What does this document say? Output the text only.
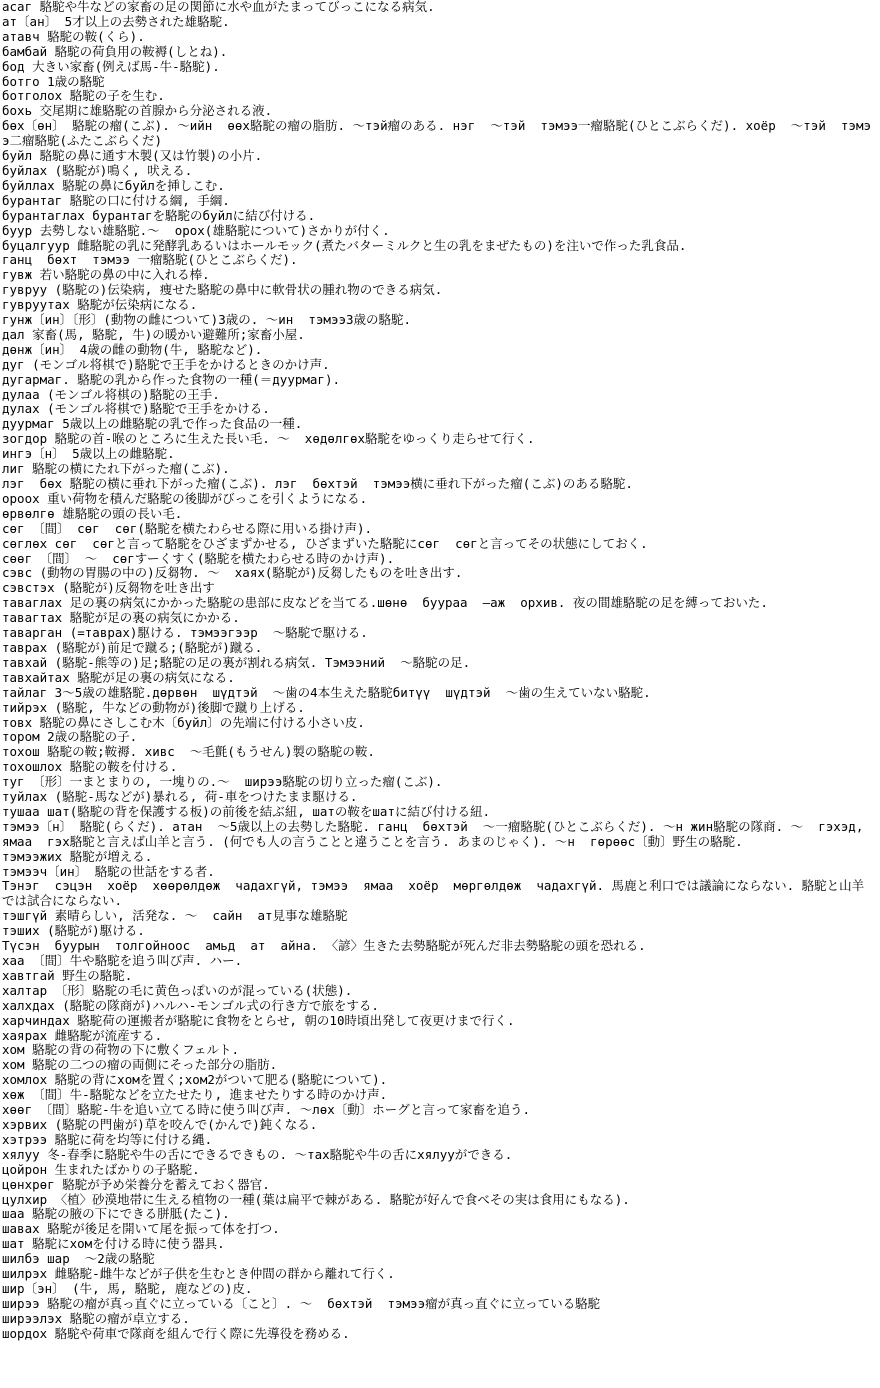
асаг 駱駝や牛などの家畜の足の関節に水や血がたまってびっこになる病気.
ат〔ан〕 5才以上の去勢された雄駱駝.
атавч 駱駝の鞍(くら).
бамбай 駱駝の荷負用の鞍褥(しとね).
бод 大きい家畜(例えば馬‐牛‐駱駝).
ботго 1歳の駱駝
ботголох 駱駝の子を生む.
бохь 交尾期に雄駱駝の首腺から分泌される液.
бөх〔өн〕 駱駝の瘤(こぶ). ～ийн  өөх駱駝の瘤の脂肪. ～тэй瘤のある. нэг  ～тэй  тэмээ一瘤駱駝(ひとこぶらくだ). хоёр  ～тэй  тэмээ二瘤駱駝(ふたこぶらくだ)
буйл 駱駝の鼻に通す木製(又は竹製)の小片.
буйлах (駱駝が)鳴く, 吠える.
буйллах 駱駝の鼻にбуйлを挿しこむ.
бурантаг 駱駝の口に付ける綱, 手綱.
бурантаглах бурантагを駱駝のбуйлに結び付ける.
буур 去勢しない雄駱駝.～  орох(雄駱駝について)さかりが付く.
буцалгуур 雌駱駝の乳に発酵乳あるいはホールモック(煮たバターミルクと生の乳をまぜたもの)を注いで作った乳食品.
ганц  бөхт  тэмээ 一瘤駱駝(ひとこぶらくだ).
гувж 若い駱駝の鼻の中に入れる棒.
гувруу (駱駝の)伝染病, 痩せた駱駝の鼻中に軟骨状の腫れ物のできる病気.
гувруутах 駱駝が伝染病になる.
гунж〔ин〕〔形〕(動物の雌について)3歳の. ～ин  тэмээ3歳の駱駝.
дал 家畜(馬, 駱駝, 牛)の暖かい避難所;家畜小屋.
дөнж〔ин〕 4歳の雌の動物(牛, 駱駝など).
дуг (モンゴル将棋で)駱駝で王手をかけるときのかけ声.
дугармаг. 駱駝の乳から作った食物の一種(＝дуурмаг).
дулаа (モンゴル将棋の)駱駝の王手.
дулах (モンゴル将棋で)駱駝で王手をかける.
дуурмаг 5歳以上の雌駱駝の乳で作った食品の一種.
зогдор 駱駝の首‐喉のところに生えた長い毛. ～  хөдөлгөх駱駝をゆっくり走らせて行く.
ингэ〔н〕 5歳以上の雌駱駝.
лиг 駱駝の横にたれ下がった瘤(こぶ).
лэг  бөх 駱駝の横に垂れ下がった瘤(こぶ). лэг  бөхтэй  тэмээ横に垂れ下がった瘤(こぶ)のある駱駝.
ороох 重い荷物を積んだ駱駝の後脚がびっこを引くようになる.
өрвөлгө 雄駱駝の頭の長い毛.
сөг 〔間〕 сөг  сөг(駱駝を横たわらせる際に用いる掛け声).
сөглөх сөг  сөгと言って駱駝をひざまずかせる, ひざまずいた駱駝にсөг  сөгと言ってその状態にしておく.
сөөг 〔間〕 ～  сөгすーくすく(駱駝を横たわらせる時のかけ声).
сэвс (動物の胃腸の中の)反芻物. ～  хаях(駱駝が)反芻したものを吐き出す.
сэвстэх (駱駝が)反芻物を吐き出す
таваглах 足の裏の病気にかかった駱駝の患部に皮などを当てる.шөнө  буураа  ―аж  орхив. 夜の間雄駱駝の足を縛っておいた.
тавагтах 駱駝が足の裏の病気にかかる.
таварган (=таврах)駆ける. тэмээгээр  ～駱駝で駆ける.
таврах (駱駝が)前足で蹴る;(駱駝が)蹴る.
тавхай (駱駝‐熊等の)足;駱駝の足の裏が割れる病気. Тэмээний  ～駱駝の足.
тавхайтах 駱駝が足の裏の病気になる.
тайлаг 3～5歳の雄駱駝.дөрвөн  шүдтэй  ～歯の4本生えた駱駝битүү  шүдтэй  ～歯の生えていない駱駝.
тийрэх (駱駝, 牛などの動物が)後脚で蹴り上げる.
товх 駱駝の鼻にさしこむ木〔буйл〕の先端に付ける小さい皮.
тором 2歳の駱駝の子.
тохош 駱駝の鞍;鞍褥. хивс  ～毛氈(もうせん)製の駱駝の鞍.
тохошлох 駱駝の鞍を付ける.
туг 〔形〕一まとまりの, 一塊りの.～  ширээ駱駝の切り立った瘤(こぶ).
туйлах (駱駝‐馬などが)暴れる, 荷‐車をつけたまま駆ける.
тушаа шат(駱駝の背を保護する板)の前後を結ぶ紐, шатの鞍をшатに結び付ける紐.
тэмээ〔н〕 駱駝(らくだ). атан  ～5歳以上の去勢した駱駝. ганц  бөхтэй  ～一瘤駱駝(ひとこぶらくだ). ～н жин駱駝の隊商. ～  гэхэд, ямаа  гэх駱駝と言えば山羊と言う. (何でも人の言うことと違うことを言う. あまのじゃく). ～н  гөрөөс〔動〕野生の駱駝.
тэмээжих 駱駝が増える.
тэмээч〔ин〕 駱駝の世話をする者.
Тэнэг  сэцэн  хоёр  хөөрөлдөж  чадахгүй, тэмээ  ямаа  хоёр  мөргөлдөж  чадахгүй. 馬鹿と利口では議論にならない. 駱駝と山羊では試合にならない.
тэшгүй 素晴らしい, 活発な. ～  сайн  ат見事な雄駱駝
тэших (駱駝が)駆ける.
Түсэн  буурын  толгойноос  амьд  ат  айна. 〈諺〉生きた去勢駱駝が死んだ非去勢駱駝の頭を恐れる.
хаа 〔間〕牛や駱駝を追う叫び声. ハー.
хавтгай 野生の駱駝.
халтар 〔形〕駱駝の毛に黄色っぽいのが混っている(状態).
халхдах (駱駝の隊商が)ハルハ‐モンゴル式の行き方で旅をする.
харчиндах 駱駝荷の運搬者が駱駝に食物をとらせ, 朝の10時頃出発して夜更けまで行く.
хаярах 雌駱駝が流産する.
хом 駱駝の背の荷物の下に敷くフェルト.
хом 駱駝の二つの瘤の両側にそった部分の脂肪.
хомлох 駱駝の背にхомを置く;хом2がついて肥る(駱駝について).
хөж 〔間〕牛‐駱駝などを立たせたり, 進ませたりする時のかけ声.
хөөг 〔間〕駱駝‐牛を追い立てる時に使う叫び声. ～лөх〔動〕ホーグと言って家畜を追う.
хэрвих (駱駝の門歯が)草を咬んで(かんで)鈍くなる.
хэтрээ 駱駝に荷を均等に付ける縄.
хялуу 冬‐春季に駱駝や牛の舌にできるできもの. ～тах駱駝や牛の舌にхялууができる.
цойрон 生まれたばかりの子駱駝.
цөнхрөг 駱駝が予め栄養分を蓄えておく器官.
цулхир 〈植〉砂漠地帯に生える植物の一種(葉は扁平で棘がある. 駱駝が好んで食べその実は食用にもなる).
шаа 駱駝の腋の下にできる胼胝(たこ).
шавах 駱駝が後足を開いて尾を振って体を打つ.
шат 駱駝にхомを付ける時に使う器具.
шилбэ шар  ～2歳の駱駝
шилрэх 雌駱駝‐雌牛などが子供を生むとき仲間の群から離れて行く.
шир〔эн〕 (牛, 馬, 駱駝, 鹿などの)皮.
ширээ 駱駝の瘤が真っ直ぐに立っている〔こと〕. ～  бөхтэй  тэмээ瘤が真っ直ぐに立っている駱駝
ширээлэх 駱駝の瘤が卓立する.
шордох 駱駝や荷車で隊商を組んで行く際に先導役を務める.
